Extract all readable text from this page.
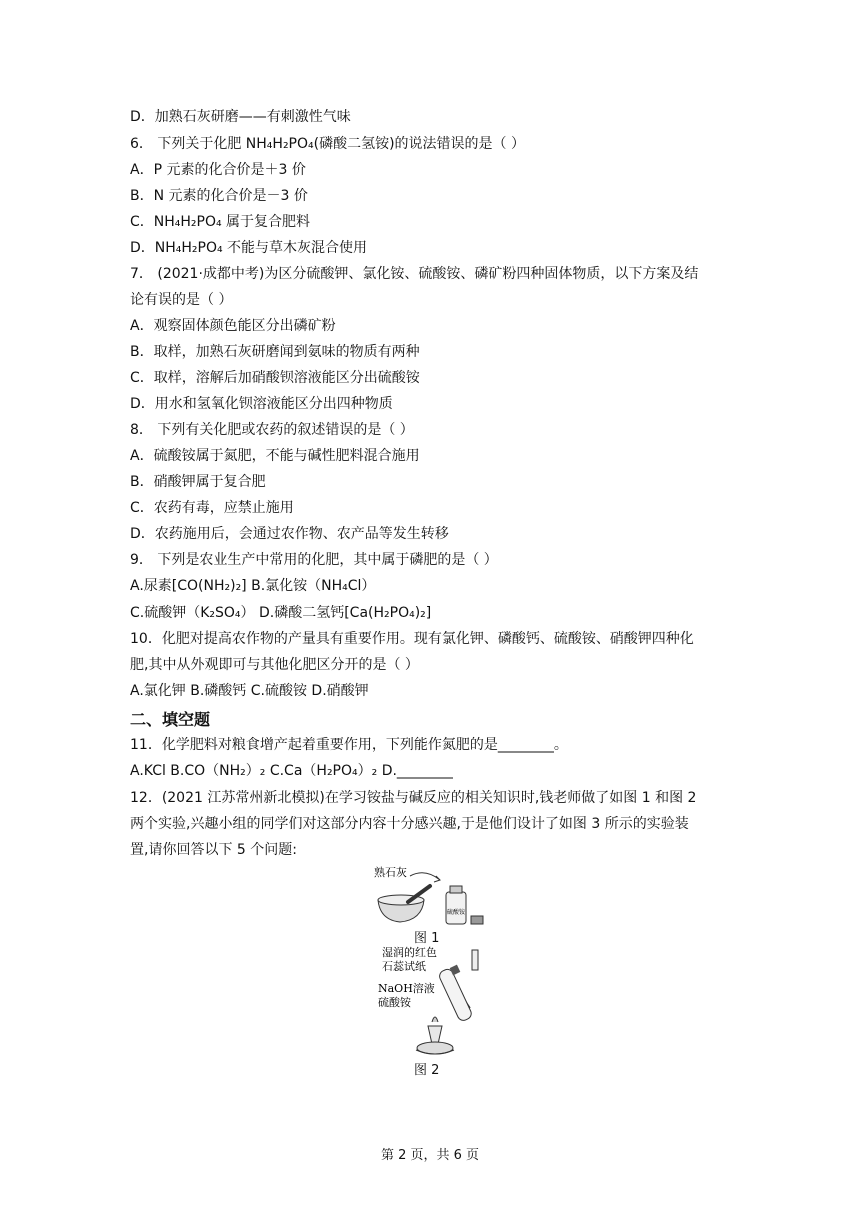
D．加熟石灰研磨——有刺激性气味
6． 下列关于化肥 NH₄H₂PO₄(磷酸二氢铵)的说法错误的是（ ）
A．P 元素的化合价是＋3 价
B．N 元素的化合价是－3 价
C．NH₄H₂PO₄ 属于复合肥料
D．NH₄H₂PO₄ 不能与草木灰混合使用
7． (2021·成都中考)为区分硫酸钾、氯化铵、硫酸铵、磷矿粉四种固体物质，以下方案及结
论有误的是（ ）
A．观察固体颜色能区分出磷矿粉
B．取样，加熟石灰研磨闻到氨味的物质有两种
C．取样，溶解后加硝酸钡溶液能区分出硫酸铵
D．用水和氢氧化钡溶液能区分出四种物质
8． 下列有关化肥或农药的叙述错误的是（ ）
A．硫酸铵属于氮肥，不能与碱性肥料混合施用
B．硝酸钾属于复合肥
C．农药有毒，应禁止施用
D．农药施用后，会通过农作物、农产品等发生转移
9． 下列是农业生产中常用的化肥，其中属于磷肥的是（ ）
A.尿素[CO(NH₂)₂] B.氯化铵（NH₄Cl）
C.硫酸钾（K₂SO₄） D.磷酸二氢钙[Ca(H₂PO₄)₂]
10．化肥对提高农作物的产量具有重要作用。现有氯化钾、磷酸钙、硫酸铵、硝酸钾四种化
肥,其中从外观即可与其他化肥区分开的是（ ）
A.氯化钾 B.磷酸钙 C.硫酸铵 D.硝酸钾
二、填空题
11．化学肥料对粮食增产起着重要作用，下列能作氮肥的是________。
A.KCl B.CO（NH₂）₂ C.Ca（H₂PO₄）₂ D.________
12．(2021 江苏常州新北模拟)在学习铵盐与碱反应的相关知识时,钱老师做了如图 1 和图 2
两个实验,兴趣小组的同学们对这部分内容十分感兴趣,于是他们设计了如图 3 所示的实验装
置,请你回答以下 5 个问题:
熟石灰
硫酸铵
图 1
湿润的红色
石蕊试纸
NaOH溶液
硫酸铵
图 2
第 2 页，共 6 页
